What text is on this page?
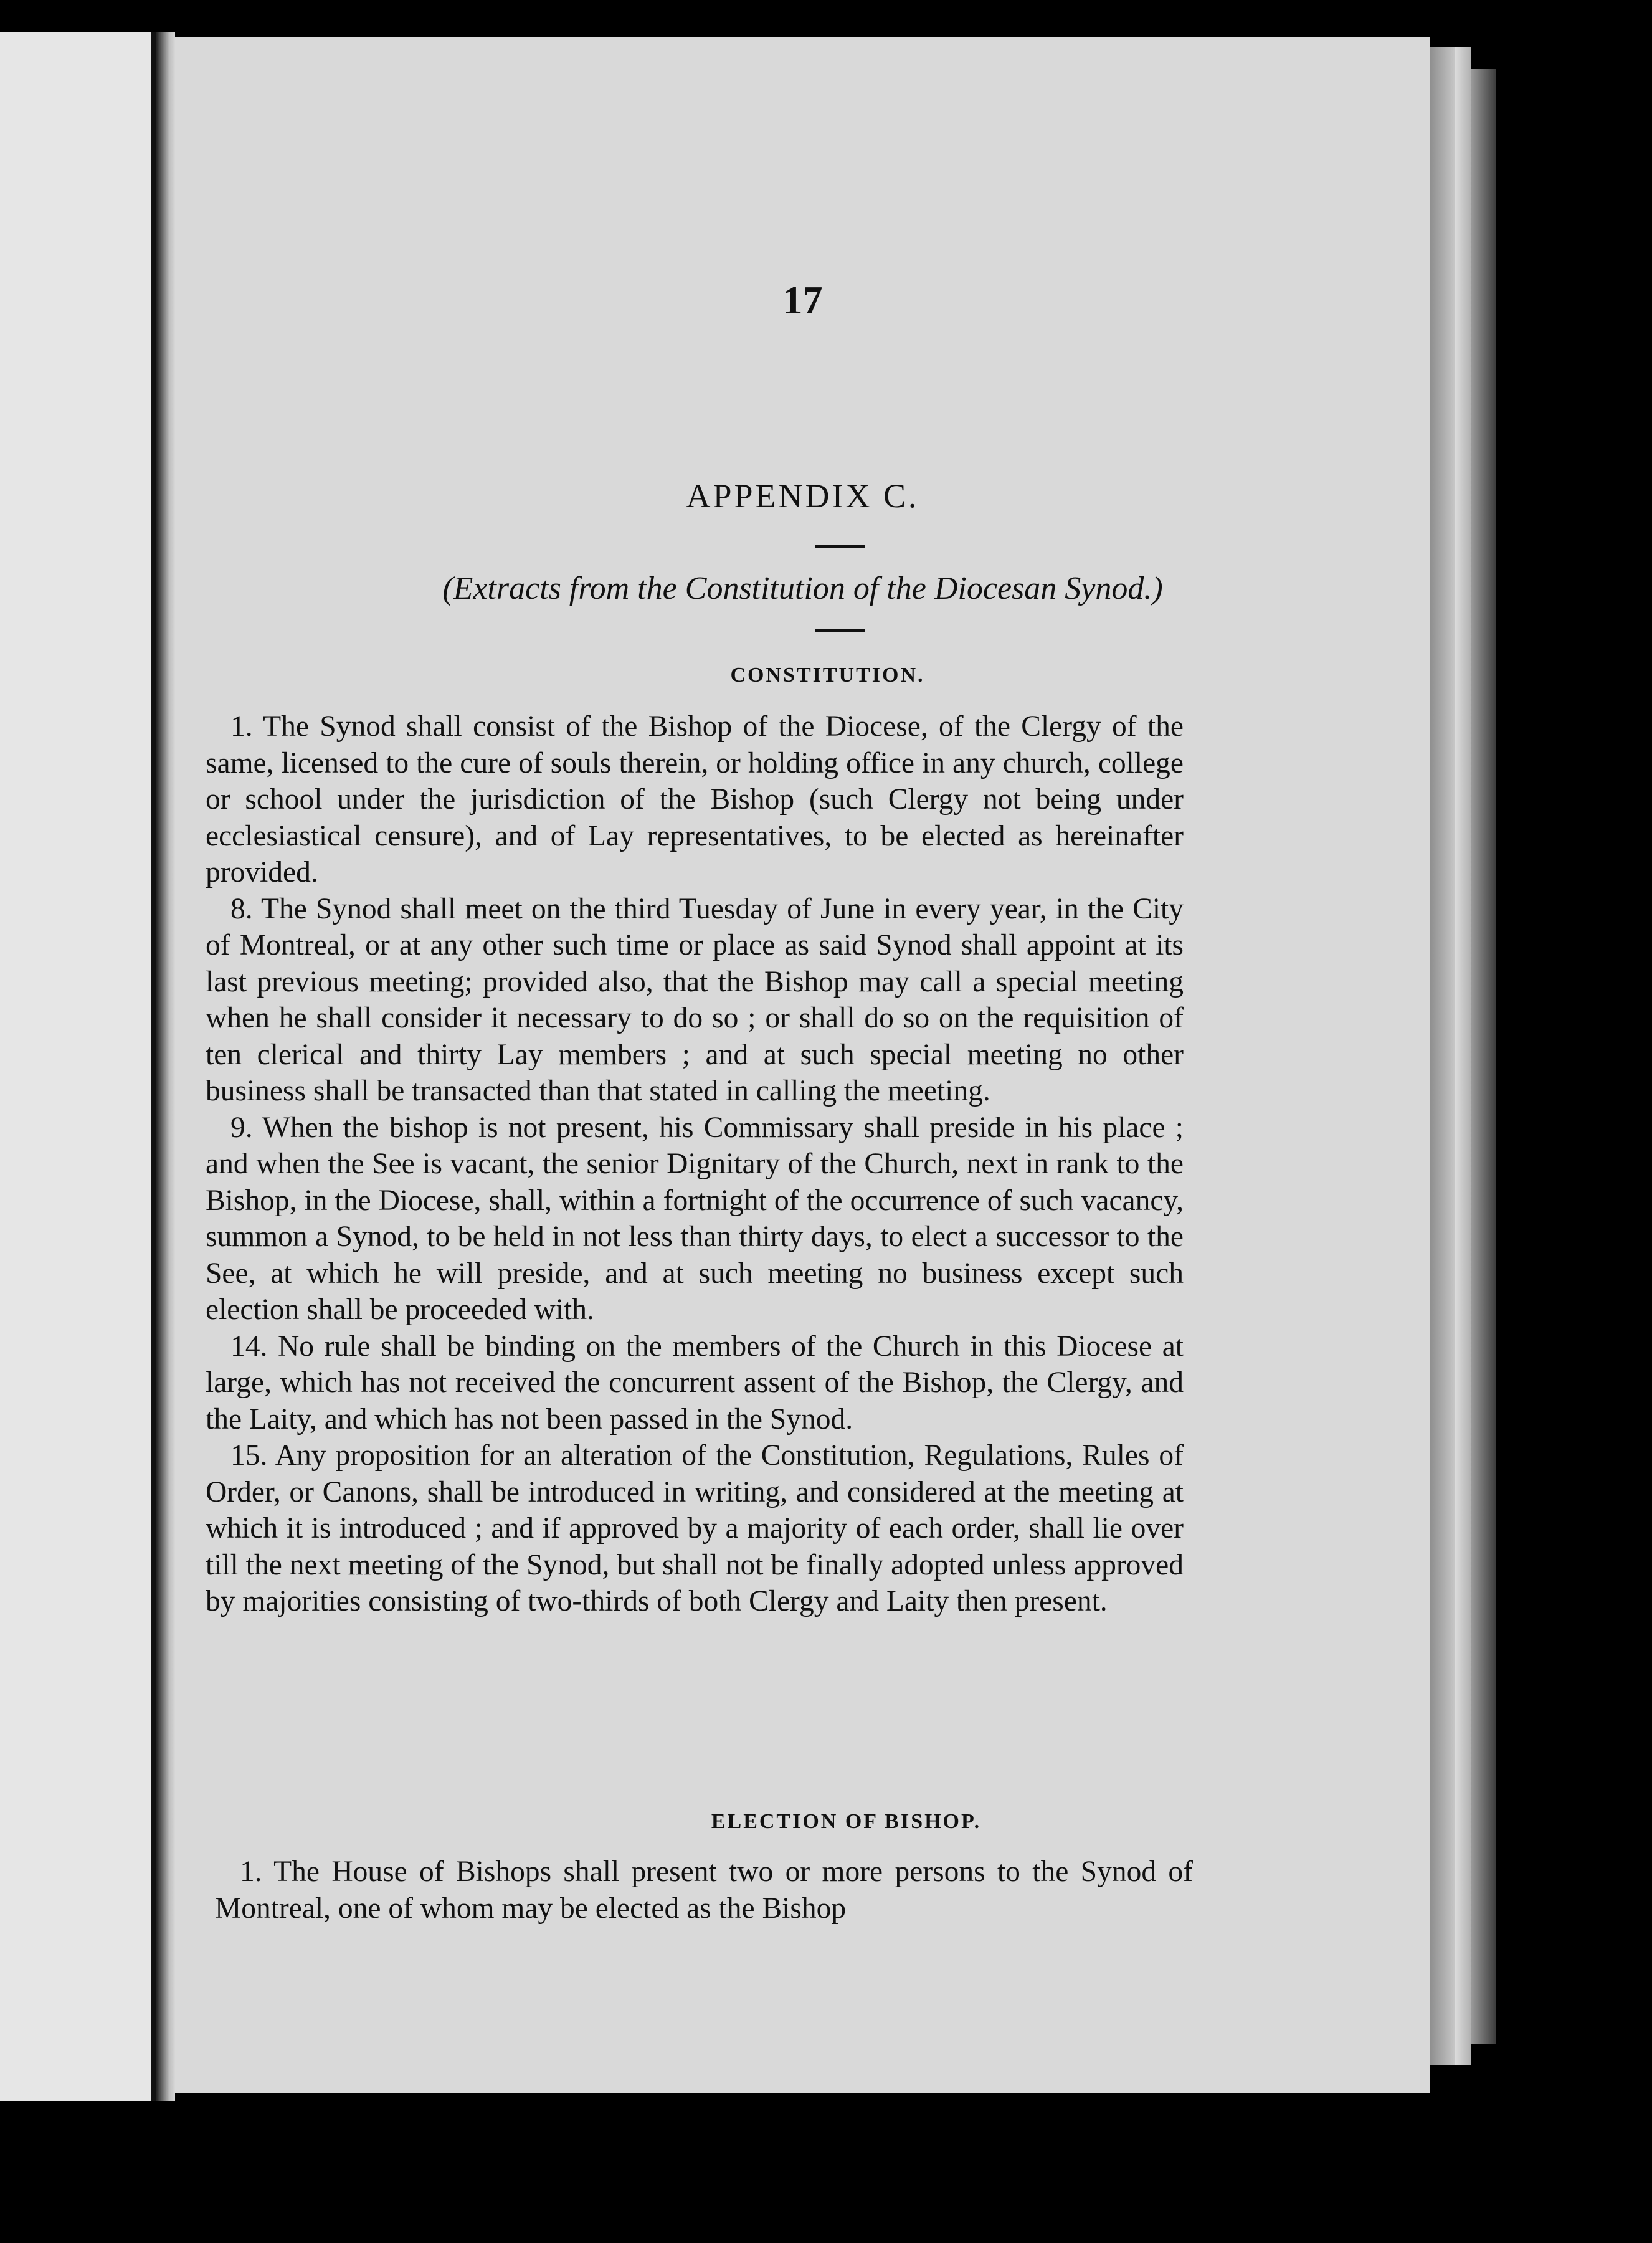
17
APPENDIX C.
(Extracts from the Constitution of the Diocesan Synod.)
CONSTITUTION.

1. The Synod shall consist of the Bishop of the Diocese, of the Clergy of the same, licensed to the cure of souls therein, or holding office in any church, college or school under the jurisdiction of the Bishop (such Clergy not being under ecclesiastical censure), and of Lay representatives, to be elected as hereinafter provided.

8. The Synod shall meet on the third Tuesday of June in every year, in the City of Montreal, or at any other such time or place as said Synod shall appoint at its last previous meeting; provided also, that the Bishop may call a special meeting when he shall consider it necessary to do so ; or shall do so on the requisition of ten clerical and thirty Lay members ; and at such special meeting no other business shall be transacted than that stated in calling the meeting.

9. When the bishop is not present, his Commissary shall preside in his place ; and when the See is vacant, the senior Dignitary of the Church, next in rank to the Bishop, in the Diocese, shall, within a fortnight of the occurrence of such vacancy, summon a Synod, to be held in not less than thirty days, to elect a successor to the See, at which he will preside, and at such meeting no business except such election shall be proceeded with.

14. No rule shall be binding on the members of the Church in this Diocese at large, which has not received the concurrent assent of the Bishop, the Clergy, and the Laity, and which has not been passed in the Synod.

15. Any proposition for an alteration of the Constitution, Regulations, Rules of Order, or Canons, shall be introduced in writing, and considered at the meeting at which it is introduced ; and if approved by a majority of each order, shall lie over till the next meeting of the Synod, but shall not be finally adopted unless approved by majorities consisting of two-thirds of both Clergy and Laity then present.

ELECTION OF BISHOP.

1. The House of Bishops shall present two or more persons to the Synod of Montreal, one of whom may be elected as the Bishop
